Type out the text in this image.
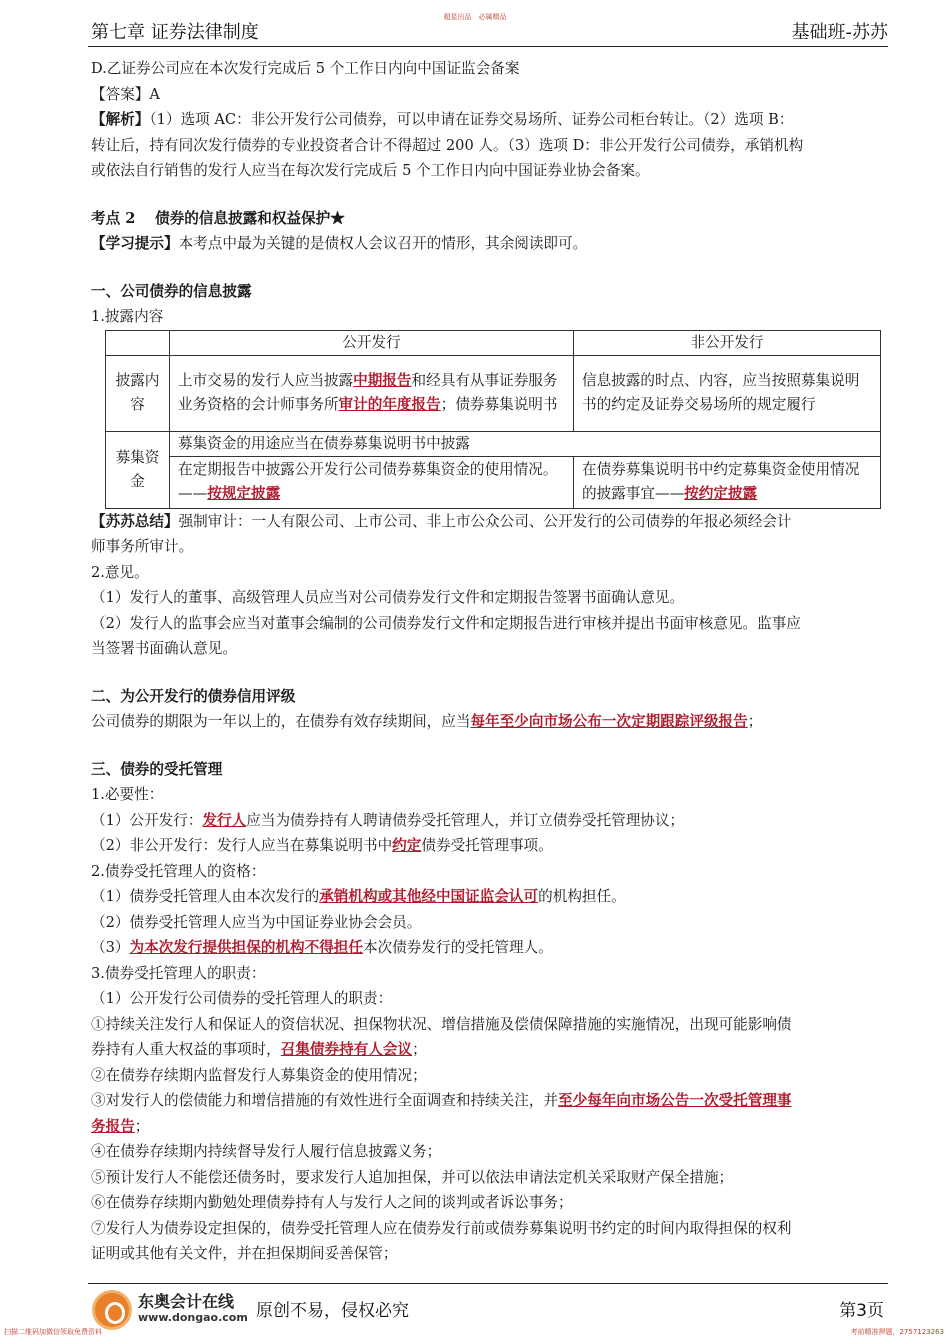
超星出品　必属精品
第七章 证券法律制度	基础班-苏苏

D.乙证券公司应在本次发行完成后 5 个工作日内向中国证监会备案

【答案】A

【解析】（1）选项 AC：非公开发行公司债券，可以申请在证券交易场所、证券公司柜台转让。（2）选项 B：

转让后，持有同次发行债券的专业投资者合计不得超过 200 人。（3）选项 D：非公开发行公司债券，承销机构

或依法自行销售的发行人应当在每次发行完成后 5 个工作日内向中国证券业协会备案。

考点 2　 债券的信息披露和权益保护★

【学习提示】本考点中最为关键的是债权人会议召开的情形，其余阅读即可。

一、公司债券的信息披露

1.披露内容

	公开发行	非公开发行
披露内容	上市交易的发行人应当披露中期报告和经具有从事证券服务业务资格的会计师事务所审计的年度报告；债券募集说明书	信息披露的时点、内容，应当按照募集说明书的约定及证券交易场所的规定履行
募集资金	募集资金的用途应当在债券募集说明书中披露	
	在定期报告中披露公开发行公司债券募集资金的使用情况。——按规定披露	在债券募集说明书中约定募集资金使用情况的披露事宜——按约定披露

【苏苏总结】强制审计：一人有限公司、上市公司、非上市公众公司、公开发行的公司债券的年报必须经会计

师事务所审计。

2.意见。

（1）发行人的董事、高级管理人员应当对公司债券发行文件和定期报告签署书面确认意见。

（2）发行人的监事会应当对董事会编制的公司债券发行文件和定期报告进行审核并提出书面审核意见。监事应

当签署书面确认意见。

二、为公开发行的债券信用评级

公司债券的期限为一年以上的，在债券有效存续期间，应当每年至少向市场公布一次定期跟踪评级报告；

三、债券的受托管理

1.必要性：

（1）公开发行：发行人应当为债券持有人聘请债券受托管理人，并订立债券受托管理协议；

（2）非公开发行：发行人应当在募集说明书中约定债券受托管理事项。

2.债券受托管理人的资格：

（1）债券受托管理人由本次发行的承销机构或其他经中国证监会认可的机构担任。

（2）债券受托管理人应当为中国证券业协会会员。

（3）为本次发行提供担保的机构不得担任本次债券发行的受托管理人。

3.债券受托管理人的职责：

（1）公开发行公司债券的受托管理人的职责：

①持续关注发行人和保证人的资信状况、担保物状况、增信措施及偿债保障措施的实施情况，出现可能影响债

券持有人重大权益的事项时，召集债券持有人会议；

②在债券存续期内监督发行人募集资金的使用情况；

③对发行人的偿债能力和增信措施的有效性进行全面调查和持续关注，并至少每年向市场公告一次受托管理事

务报告；

④在债券存续期内持续督导发行人履行信息披露义务；

⑤预计发行人不能偿还债务时，要求发行人追加担保，并可以依法申请法定机关采取财产保全措施；

⑥在债券存续期内勤勉处理债券持有人与发行人之间的谈判或者诉讼事务；

⑦发行人为债券设定担保的，债券受托管理人应在债券发行前或债券募集说明书约定的时间内取得担保的权利

证明或其他有关文件，并在担保期间妥善保管；

东奥会计在线
www.dongao.com 原创不易，侵权必究	第3页
扫描二维码加微信领取免费资料	考前精准押题，2757123263
